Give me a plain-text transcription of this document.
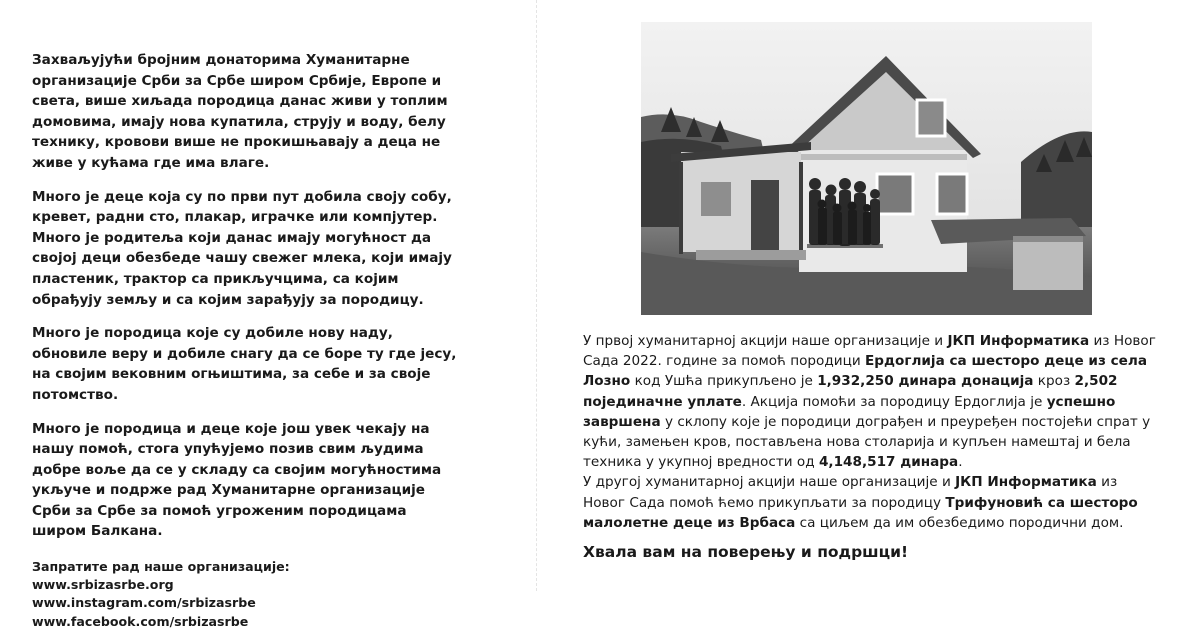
Захваљујући бројним донаторима Хуманитарне организације Срби за Србе широм Србије, Европе и света, више хиљада породица данас живи у топлим домовима, имају нова купатила, струју и воду, белу технику, кровови више не прокишњавају а деца не живе у кућама где има влаге.

Много је деце која су по први пут добила своју собу, кревет, радни сто, плакар, играчке или компјутер. Много је родитеља који данас имају могућност да својој деци обезбеде чашу свежег млека, који имају пластеник, трактор са прикључцима, са којим обрађују земљу и са којим зарађују за породицу.

Много је породица које су добиле нову наду, обновиле веру и добиле снагу да се боре ту где јесу, на својим вековним огњиштима, за себе и за своје потомство.

Много је породица и деце које још увек чекају на нашу помоћ, стога упућујемо позив свим људима добре воље да се у складу са својим могућностима укључе и подрже рад Хуманитарне организације Срби за Србе за помоћ угроженим породицама широм Балкана.

Запратите рад наше организације:
www.srbizasrbe.org
www.instagram.com/srbizasrbe
www.facebook.com/srbizasrbe

У првој хуманитарној акцији наше организације и ЈКП Информатика из Новог Сада 2022. године за помоћ породици Ердоглија са шесторо деце из села Лозно код Ушћа прикупљено је 1,932,250 динара донација кроз 2,502 појединачне уплате. Акција помоћи за породицу Ердоглија је успешно завршена у склопу које је породици дограђен и преуређен постојећи спрат у кући, замењен кров, постављена нова столарија и купљен намештај и бела техника у укупној вредности од 4,148,517 динара.

У другој хуманитарној акцији наше организације и ЈКП Информатика из Новог Сада помоћ ћемо прикупљати за породицу Трифуновић са шесторо малолетне деце из Врбаса са циљем да им обезбедимо породични дом.

Хвала вам на поверењу и подршци!
